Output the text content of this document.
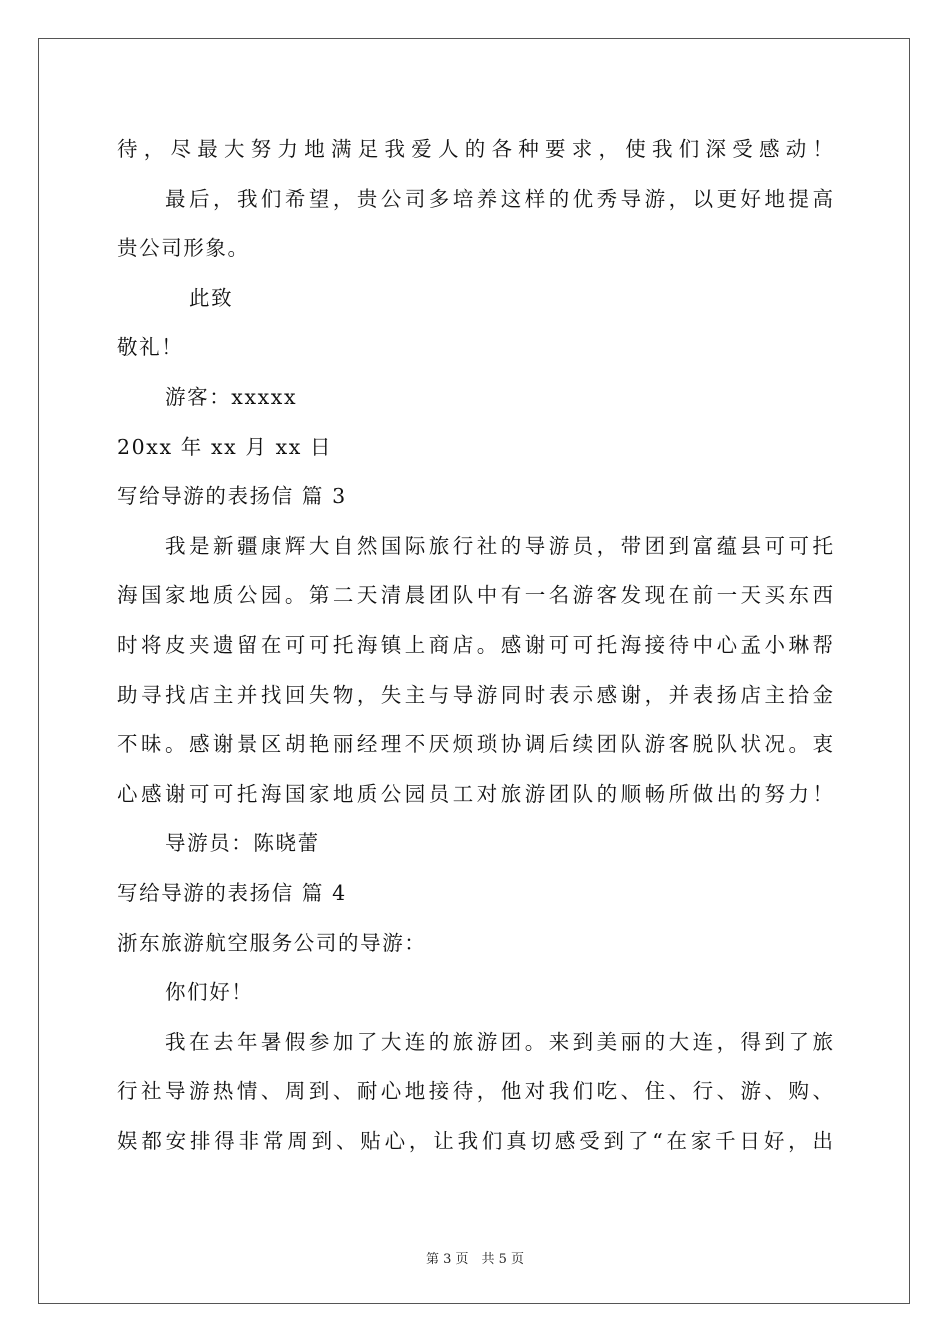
待，尽最大努力地满足我爱人的各种要求，使我们深受感动！
最后，我们希望，贵公司多培养这样的优秀导游，以更好地提高
贵公司形象。
此致
敬礼！
游客：xxxxx
20xx 年 xx 月 xx 日
写给导游的表扬信 篇 3
我是新疆康辉大自然国际旅行社的导游员，带团到富蕴县可可托
海国家地质公园。第二天清晨团队中有一名游客发现在前一天买东西
时将皮夹遗留在可可托海镇上商店。感谢可可托海接待中心孟小琳帮
助寻找店主并找回失物，失主与导游同时表示感谢，并表扬店主拾金
不昧。感谢景区胡艳丽经理不厌烦琐协调后续团队游客脱队状况。衷
心感谢可可托海国家地质公园员工对旅游团队的顺畅所做出的努力！
导游员：陈晓蕾
写给导游的表扬信 篇 4
浙东旅游航空服务公司的导游：
你们好！
我在去年暑假参加了大连的旅游团。来到美丽的大连，得到了旅
行社导游热情、周到、耐心地接待，他对我们吃、住、行、游、购、
娱都安排得非常周到、贴心，让我们真切感受到了“在家千日好，出
第 3 页　共 5 页
